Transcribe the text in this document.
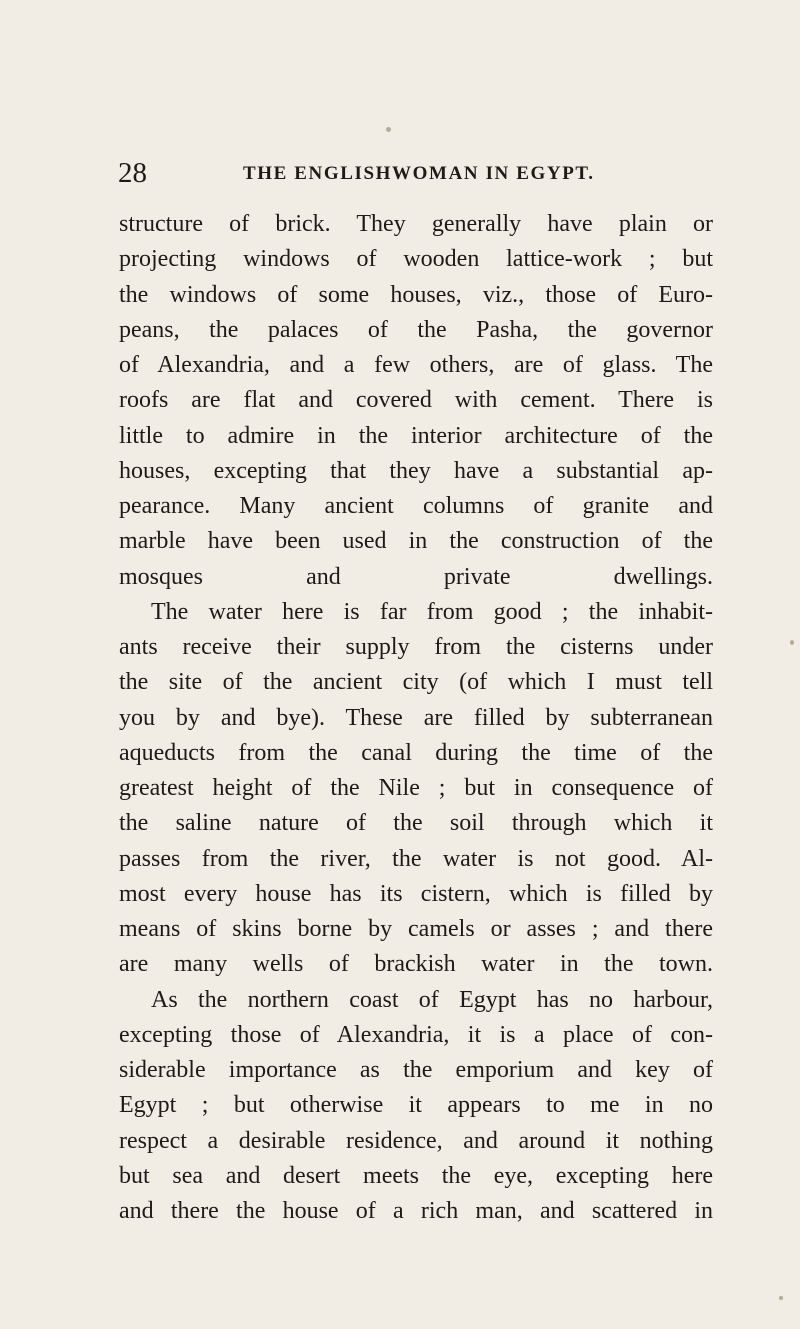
28	THE ENGLISHWOMAN IN EGYPT.
structure of brick. They generally have plain or
projecting windows of wooden lattice-work ; but
the windows of some houses, viz., those of Euro-
peans, the palaces of the Pasha, the governor
of Alexandria, and a few others, are of glass. The
roofs are flat and covered with cement. There is
little to admire in the interior architecture of the
houses, excepting that they have a substantial ap-
pearance. Many ancient columns of granite and
marble have been used in the construction of the
mosques and private dwellings.
The water here is far from good ; the inhabit-
ants receive their supply from the cisterns under
the site of the ancient city (of which I must tell
you by and bye). These are filled by subterranean
aqueducts from the canal during the time of the
greatest height of the Nile ; but in consequence of
the saline nature of the soil through which it
passes from the river, the water is not good. Al-
most every house has its cistern, which is filled by
means of skins borne by camels or asses ; and there
are many wells of brackish water in the town.
As the northern coast of Egypt has no harbour,
excepting those of Alexandria, it is a place of con-
siderable importance as the emporium and key of
Egypt ; but otherwise it appears to me in no
respect a desirable residence, and around it nothing
but sea and desert meets the eye, excepting here
and there the house of a rich man, and scattered in
